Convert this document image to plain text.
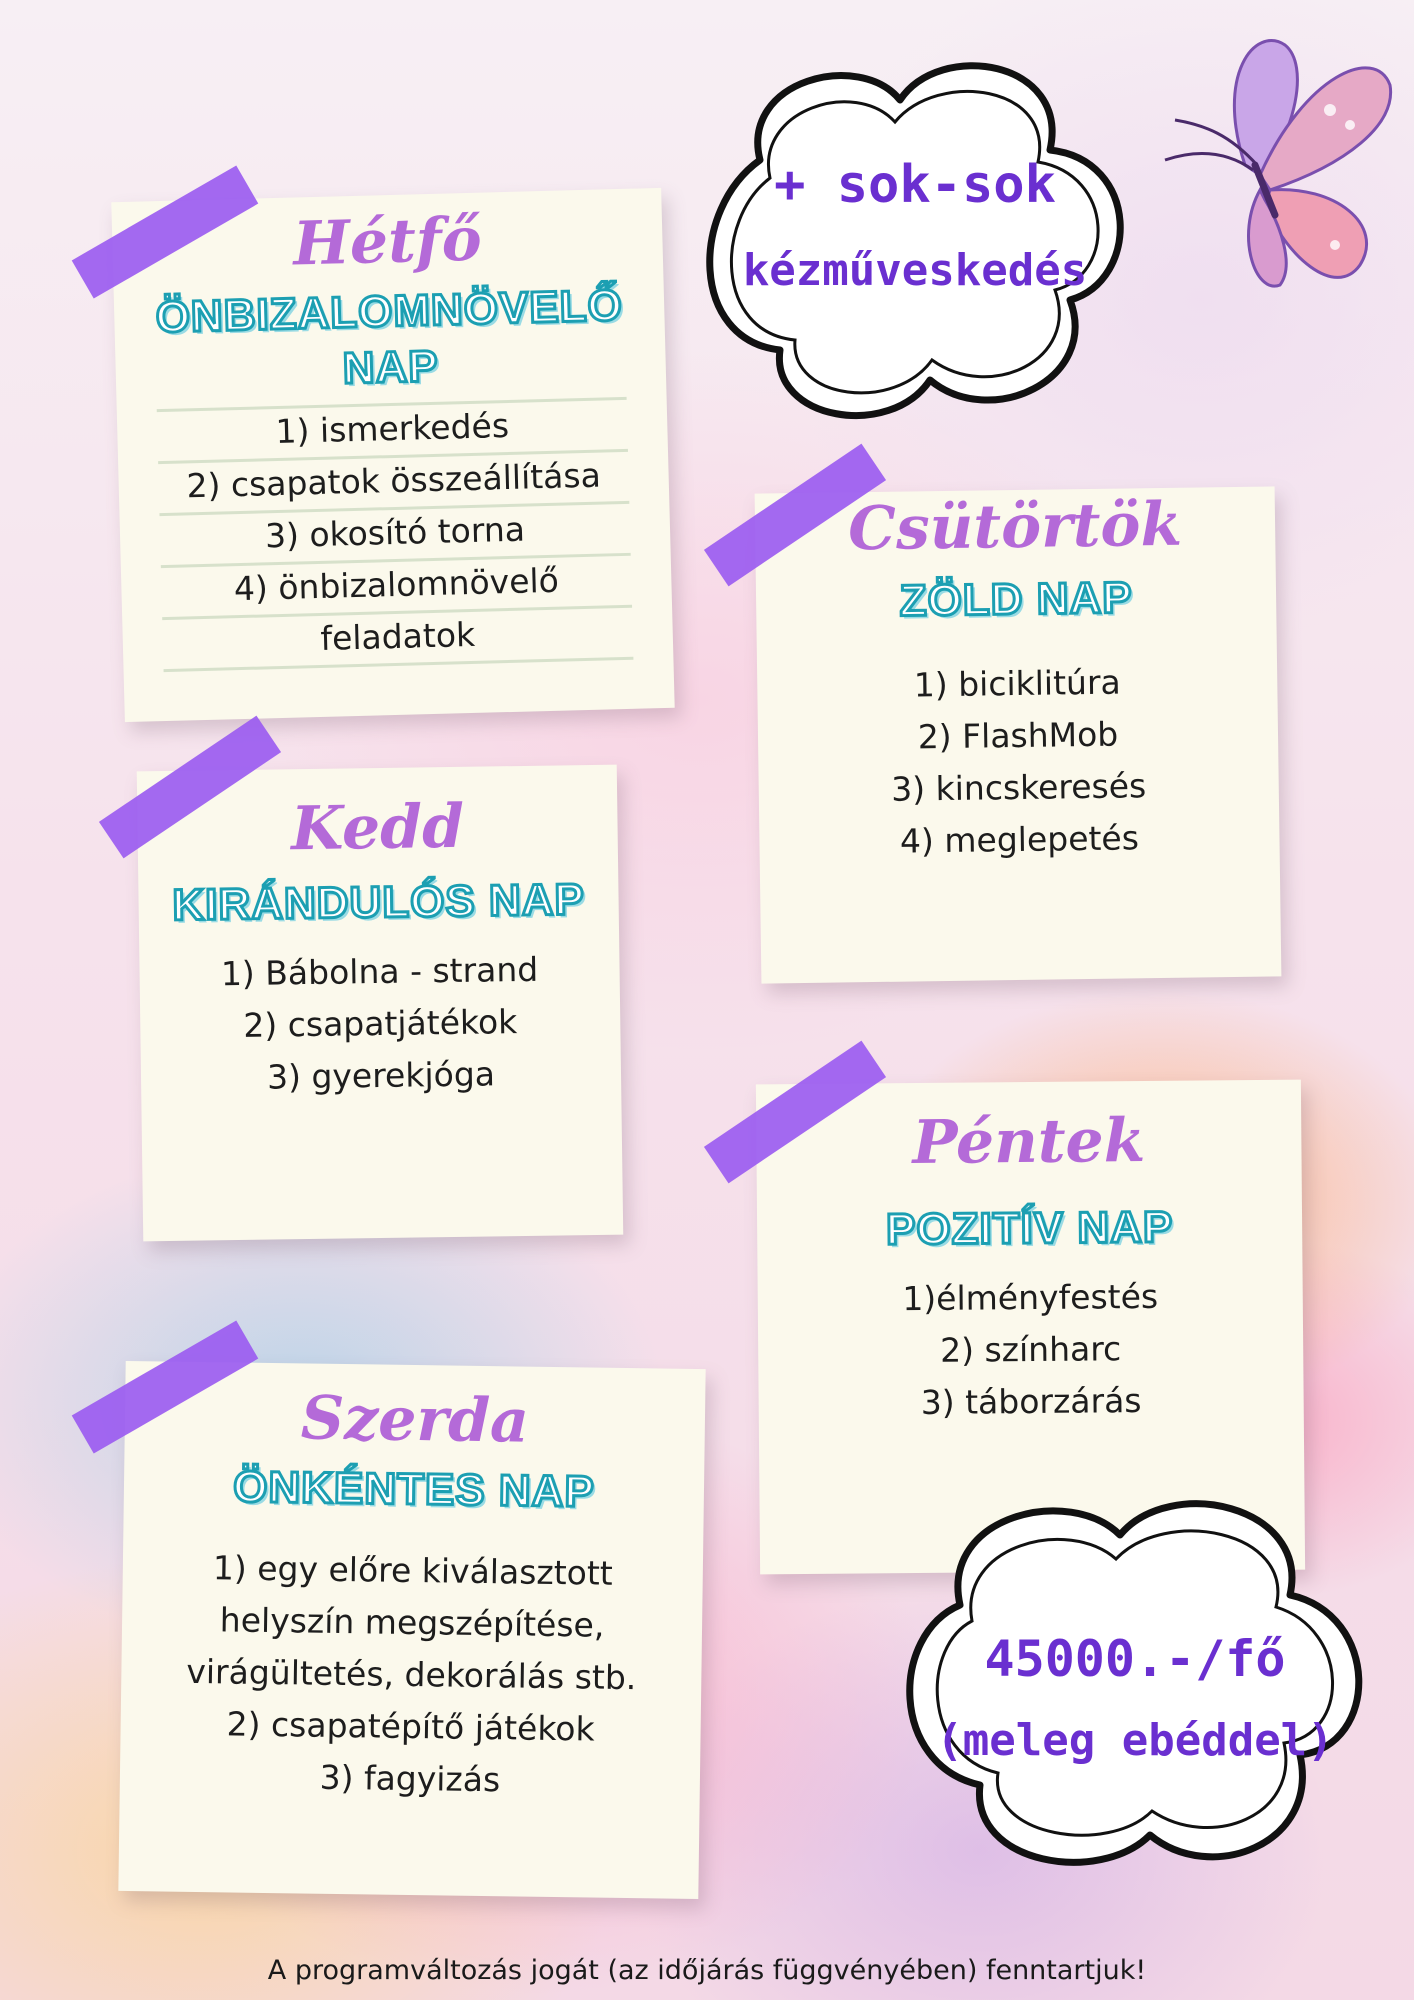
Hétfő
ÖNBIZALOMNÖVELŐ
NAP
1) ismerkedés
2) csapatok összeállítása
3) okosító torna
4) önbizalomnövelő
feladatok
Kedd
KIRÁNDULÓS NAP
1) Bábolna - strand
2) csapatjátékok
3) gyerekjóga
Szerda
ÖNKÉNTES NAP
1) egy előre kiválasztott
helyszín megszépítése,
virágültetés, dekorálás stb.
2) csapatépítő játékok
3) fagyizás
Csütörtök
ZÖLD NAP
1) biciklitúra
2) FlashMob
3) kincskeresés
4) meglepetés
Péntek
POZITÍV NAP
1)élményfestés
2) színharc
3) táborzárás
+ sok-sok
kézműveskedés
45000.-/fő
(meleg ebéddel)
A programváltozás jogát (az időjárás függvényében) fenntartjuk!
